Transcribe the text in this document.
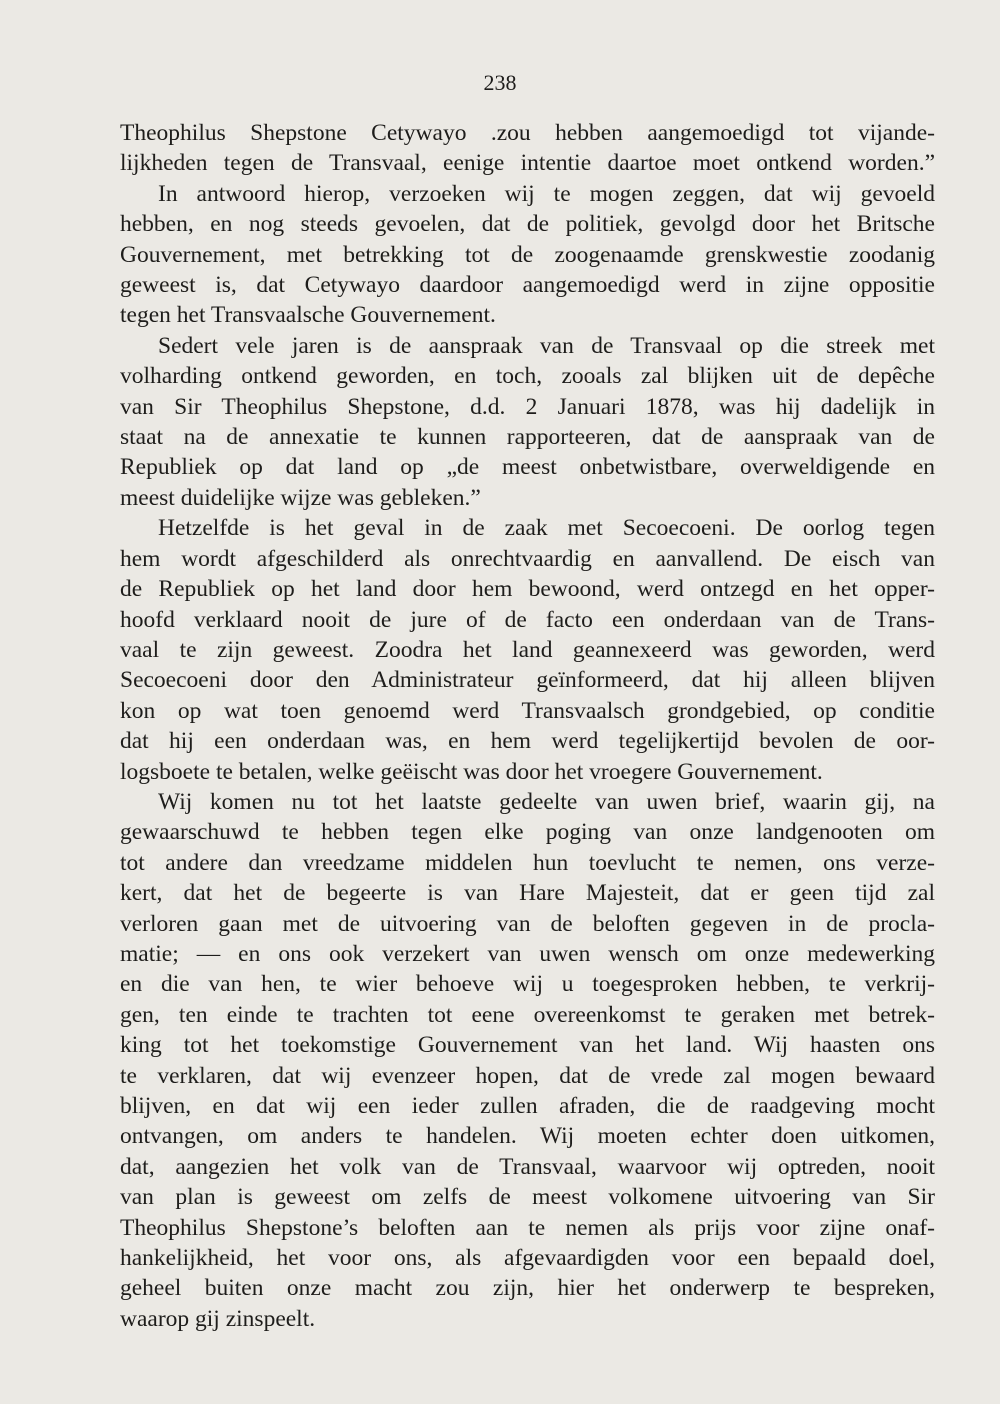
238
Theophilus Shepstone Cetywayo .zou hebben aangemoedigd tot vijande-
lijkheden tegen de Transvaal, eenige intentie daartoe moet ontkend worden.”
In antwoord hierop, verzoeken wij te mogen zeggen, dat wij gevoeld
hebben, en nog steeds gevoelen, dat de politiek, gevolgd door het Britsche
Gouvernement, met betrekking tot de zoogenaamde grenskwestie zoodanig
geweest is, dat Cetywayo daardoor aangemoedigd werd in zijne oppositie
tegen het Transvaalsche Gouvernement.
Sedert vele jaren is de aanspraak van de Transvaal op die streek met
volharding ontkend geworden, en toch, zooals zal blijken uit de depêche
van Sir Theophilus Shepstone, d.d. 2 Januari 1878, was hij dadelijk in
staat na de annexatie te kunnen rapporteeren, dat de aanspraak van de
Republiek op dat land op „de meest onbetwistbare, overweldigende en
meest duidelijke wijze was gebleken.”
Hetzelfde is het geval in de zaak met Secoecoeni. De oorlog tegen
hem wordt afgeschilderd als onrechtvaardig en aanvallend. De eisch van
de Republiek op het land door hem bewoond, werd ontzegd en het opper-
hoofd verklaard nooit de jure of de facto een onderdaan van de Trans-
vaal te zijn geweest. Zoodra het land geannexeerd was geworden, werd
Secoecoeni door den Administrateur geïnformeerd, dat hij alleen blijven
kon op wat toen genoemd werd Transvaalsch grondgebied, op conditie
dat hij een onderdaan was, en hem werd tegelijkertijd bevolen de oor-
logsboete te betalen, welke geëischt was door het vroegere Gouvernement.
Wij komen nu tot het laatste gedeelte van uwen brief, waarin gij, na
gewaarschuwd te hebben tegen elke poging van onze landgenooten om
tot andere dan vreedzame middelen hun toevlucht te nemen, ons verze-
kert, dat het de begeerte is van Hare Majesteit, dat er geen tijd zal
verloren gaan met de uitvoering van de beloften gegeven in de procla-
matie; — en ons ook verzekert van uwen wensch om onze medewerking
en die van hen, te wier behoeve wij u toegesproken hebben, te verkrij-
gen, ten einde te trachten tot eene overeenkomst te geraken met betrek-
king tot het toekomstige Gouvernement van het land. Wij haasten ons
te verklaren, dat wij evenzeer hopen, dat de vrede zal mogen bewaard
blijven, en dat wij een ieder zullen afraden, die de raadgeving mocht
ontvangen, om anders te handelen. Wij moeten echter doen uitkomen,
dat, aangezien het volk van de Transvaal, waarvoor wij optreden, nooit
van plan is geweest om zelfs de meest volkomene uitvoering van Sir
Theophilus Shepstone’s beloften aan te nemen als prijs voor zijne onaf-
hankelijkheid, het voor ons, als afgevaardigden voor een bepaald doel,
geheel buiten onze macht zou zijn, hier het onderwerp te bespreken,
waarop gij zinspeelt.
